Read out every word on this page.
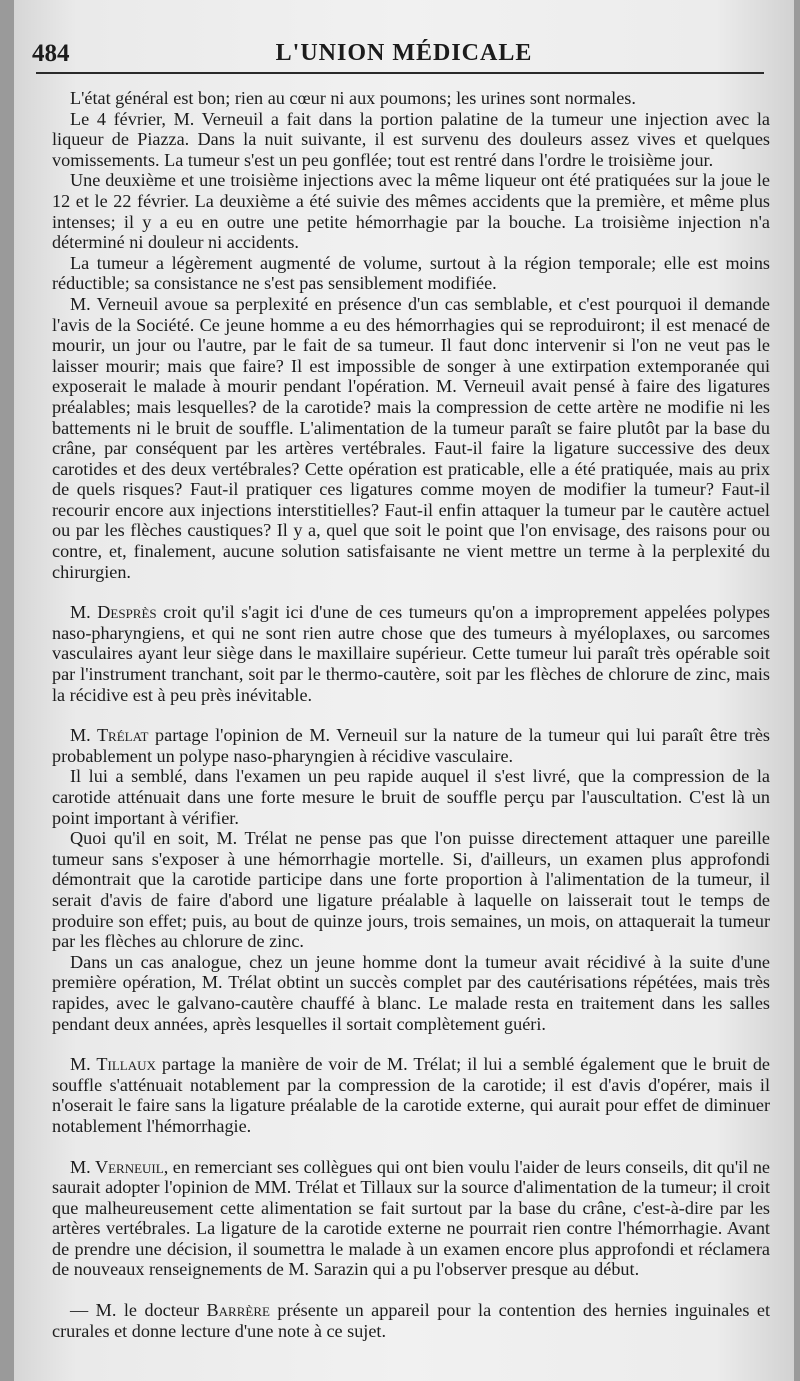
484	L'UNION MÉDICALE

L'état général est bon; rien au cœur ni aux poumons; les urines sont normales.

Le 4 février, M. Verneuil a fait dans la portion palatine de la tumeur une injection avec la liqueur de Piazza. Dans la nuit suivante, il est survenu des douleurs assez vives et quelques vomissements. La tumeur s'est un peu gonflée; tout est rentré dans l'ordre le troisième jour.

Une deuxième et une troisième injections avec la même liqueur ont été pratiquées sur la joue le 12 et le 22 février. La deuxième a été suivie des mêmes accidents que la première, et même plus intenses; il y a eu en outre une petite hémorrhagie par la bouche. La troisième injection n'a déterminé ni douleur ni accidents.

La tumeur a légèrement augmenté de volume, surtout à la région temporale; elle est moins réductible; sa consistance ne s'est pas sensiblement modifiée.

M. Verneuil avoue sa perplexité en présence d'un cas semblable, et c'est pourquoi il demande l'avis de la Société. Ce jeune homme a eu des hémorrhagies qui se reproduiront; il est menacé de mourir, un jour ou l'autre, par le fait de sa tumeur. Il faut donc intervenir si l'on ne veut pas le laisser mourir; mais que faire? Il est impossible de songer à une extirpation extemporanée qui exposerait le malade à mourir pendant l'opération. M. Verneuil avait pensé à faire des ligatures préalables; mais lesquelles? de la carotide? mais la compression de cette artère ne modifie ni les battements ni le bruit de souffle. L'alimentation de la tumeur paraît se faire plutôt par la base du crâne, par conséquent par les artères vertébrales. Faut-il faire la ligature successive des deux carotides et des deux vertébrales? Cette opération est praticable, elle a été pratiquée, mais au prix de quels risques? Faut-il pratiquer ces ligatures comme moyen de modifier la tumeur? Faut-il recourir encore aux injections interstitielles? Faut-il enfin attaquer la tumeur par le cautère actuel ou par les flèches caustiques? Il y a, quel que soit le point que l'on envisage, des raisons pour ou contre, et, finalement, aucune solution satisfaisante ne vient mettre un terme à la perplexité du chirurgien.

M. Desprès croit qu'il s'agit ici d'une de ces tumeurs qu'on a improprement appelées polypes naso-pharyngiens, et qui ne sont rien autre chose que des tumeurs à myéloplaxes, ou sarcomes vasculaires ayant leur siège dans le maxillaire supérieur. Cette tumeur lui paraît très opérable soit par l'instrument tranchant, soit par le thermo-cautère, soit par les flèches de chlorure de zinc, mais la récidive est à peu près inévitable.

M. Trélat partage l'opinion de M. Verneuil sur la nature de la tumeur qui lui paraît être très probablement un polype naso-pharyngien à récidive vasculaire.

Il lui a semblé, dans l'examen un peu rapide auquel il s'est livré, que la compression de la carotide atténuait dans une forte mesure le bruit de souffle perçu par l'auscultation. C'est là un point important à vérifier.

Quoi qu'il en soit, M. Trélat ne pense pas que l'on puisse directement attaquer une pareille tumeur sans s'exposer à une hémorrhagie mortelle. Si, d'ailleurs, un examen plus approfondi démontrait que la carotide participe dans une forte proportion à l'alimentation de la tumeur, il serait d'avis de faire d'abord une ligature préalable à laquelle on laisserait tout le temps de produire son effet; puis, au bout de quinze jours, trois semaines, un mois, on attaquerait la tumeur par les flèches au chlorure de zinc.

Dans un cas analogue, chez un jeune homme dont la tumeur avait récidivé à la suite d'une première opération, M. Trélat obtint un succès complet par des cautérisations répétées, mais très rapides, avec le galvano-cautère chauffé à blanc. Le malade resta en traitement dans les salles pendant deux années, après lesquelles il sortait complètement guéri.

M. Tillaux partage la manière de voir de M. Trélat; il lui a semblé également que le bruit de souffle s'atténuait notablement par la compression de la carotide; il est d'avis d'opérer, mais il n'oserait le faire sans la ligature préalable de la carotide externe, qui aurait pour effet de diminuer notablement l'hémorrhagie.

M. Verneuil, en remerciant ses collègues qui ont bien voulu l'aider de leurs conseils, dit qu'il ne saurait adopter l'opinion de MM. Trélat et Tillaux sur la source d'alimentation de la tumeur; il croit que malheureusement cette alimentation se fait surtout par la base du crâne, c'est-à-dire par les artères vertébrales. La ligature de la carotide externe ne pourrait rien contre l'hémorrhagie. Avant de prendre une décision, il soumettra le malade à un examen encore plus approfondi et réclamera de nouveaux renseignements de M. Sarazin qui a pu l'observer presque au début.

— M. le docteur Barrère présente un appareil pour la contention des hernies inguinales et crurales et donne lecture d'une note à ce sujet.
